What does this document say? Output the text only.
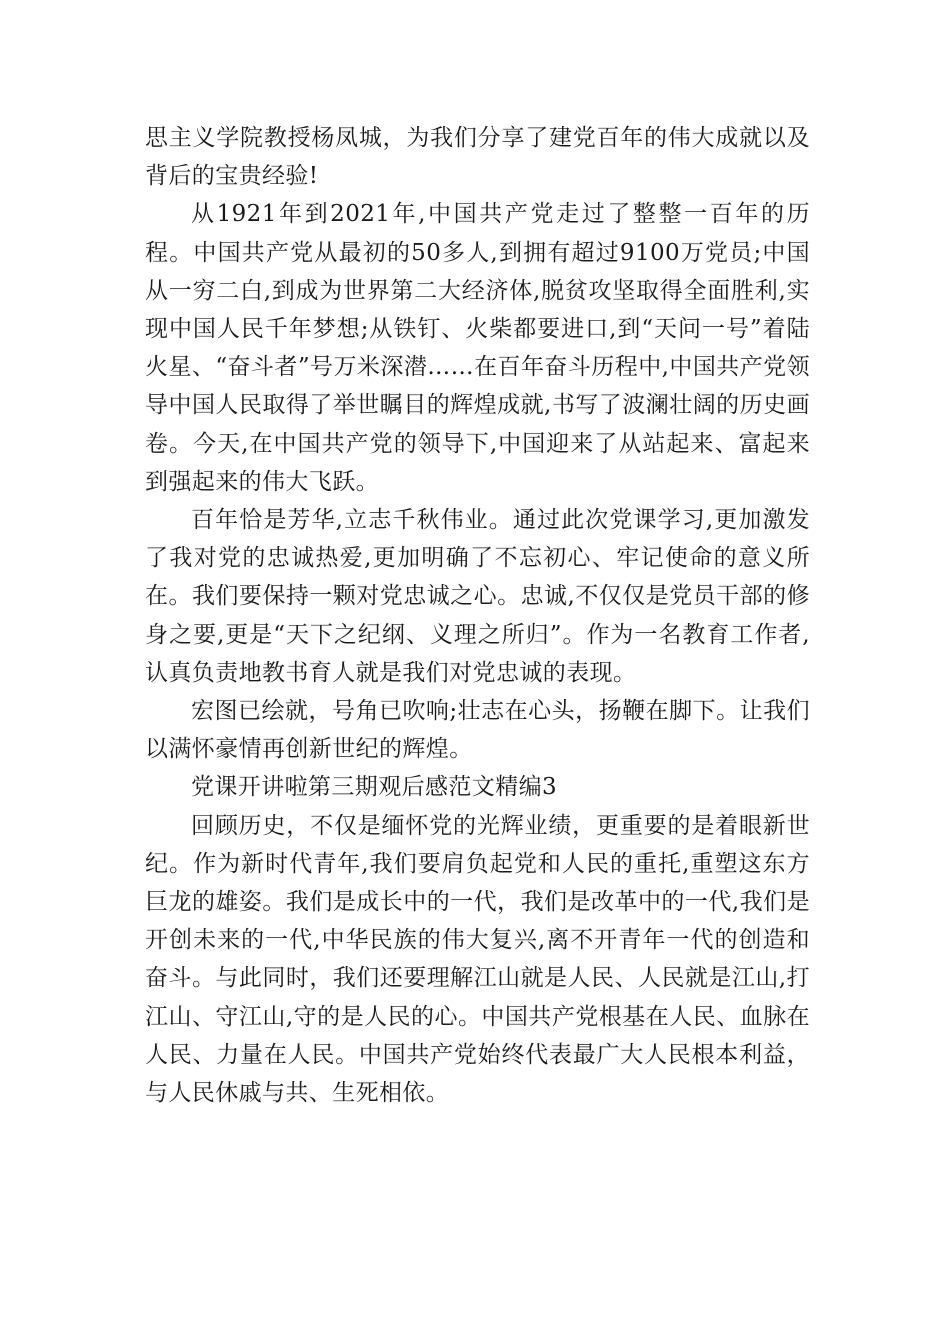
思主义学院教授杨凤城，为我们分享了建党百年的伟大成就以及背后的宝贵经验!

从1921年到2021年,中国共产党走过了整整一百年的历程。中国共产党从最初的50多人,到拥有超过9100万党员;中国从一穷二白,到成为世界第二大经济体,脱贫攻坚取得全面胜利,实现中国人民千年梦想;从铁钉、火柴都要进口,到“天问一号”着陆火星、“奋斗者”号万米深潜……在百年奋斗历程中,中国共产党领导中国人民取得了举世瞩目的辉煌成就,书写了波澜壮阔的历史画卷。今天,在中国共产党的领导下,中国迎来了从站起来、富起来到强起来的伟大飞跃。

百年恰是芳华,立志千秋伟业。通过此次党课学习,更加激发了我对党的忠诚热爱,更加明确了不忘初心、牢记使命的意义所在。我们要保持一颗对党忠诚之心。忠诚,不仅仅是党员干部的修身之要,更是“天下之纪纲、义理之所归”。作为一名教育工作者,认真负责地教书育人就是我们对党忠诚的表现。

宏图已绘就，号角已吹响;壮志在心头，扬鞭在脚下。让我们以满怀豪情再创新世纪的辉煌。

党课开讲啦第三期观后感范文精编3

回顾历史，不仅是缅怀党的光辉业绩，更重要的是着眼新世纪。作为新时代青年,我们要肩负起党和人民的重托,重塑这东方巨龙的雄姿。我们是成长中的一代，我们是改革中的一代,我们是开创未来的一代,中华民族的伟大复兴,离不开青年一代的创造和奋斗。与此同时，我们还要理解江山就是人民、人民就是江山,打江山、守江山,守的是人民的心。中国共产党根基在人民、血脉在人民、力量在人民。中国共产党始终代表最广大人民根本利益，与人民休戚与共、生死相依。
